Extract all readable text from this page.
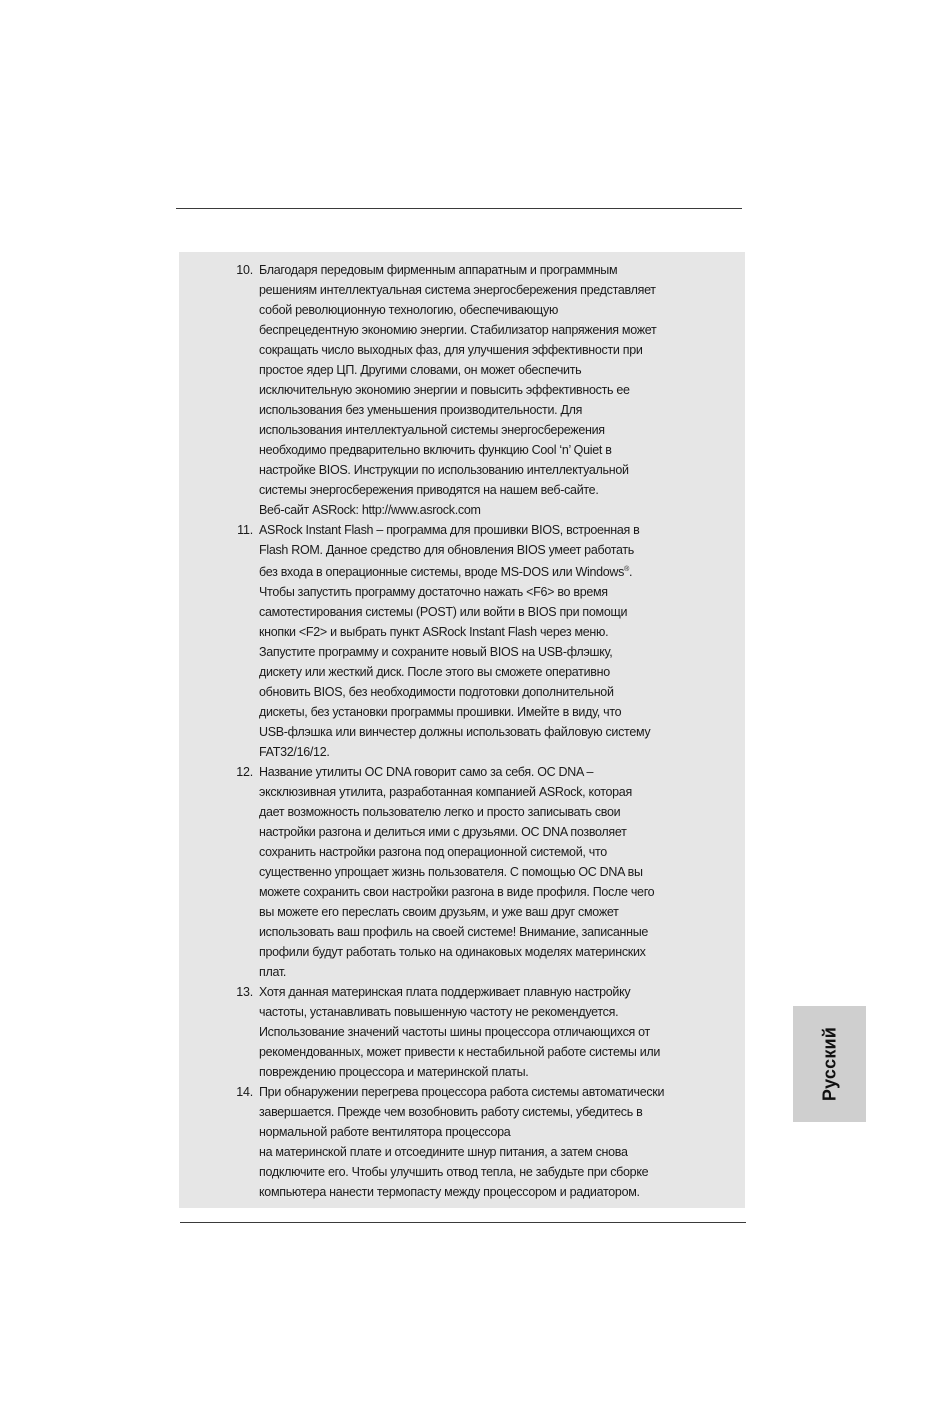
10. Благодаря передовым фирменным аппаратным и программным
решениям интеллектуальная система энергосбережения представляет
собой революционную технологию, обеспечивающую
беспрецедентную экономию энергии. Стабилизатор напряжения может
сокращать число выходных фаз, для улучшения эффективности при
простое ядер ЦП. Другими словами, он может обеспечить
исключительную экономию энергии и повысить эффективность ее
использования без уменьшения производительности. Для
использования интеллектуальной системы энергосбережения
необходимо предварительно включить функцию Cool ‘n’ Quiet в
настройке BIOS. Инструкции по использованию интеллектуальной
системы энергосбережения приводятся на нашем веб-сайте.
Веб-сайт ASRock: http://www.asrock.com
11. ASRock Instant Flash – программа для прошивки BIOS, встроенная в
Flash ROM. Данное средство для обновления BIOS умеет работать
без входа в операционные системы, вроде MS-DOS или Windows®.
Чтобы запустить программу достаточно нажать <F6> во время
самотестирования системы (POST) или войти в BIOS при помощи
кнопки <F2> и выбрать пункт ASRock Instant Flash через меню.
Запустите программу и сохраните новый BIOS на USB-флэшку,
дискету или жесткий диск. После этого вы сможете оперативно
обновить BIOS, без необходимости подготовки дополнительной
дискеты, без установки программы прошивки. Имейте в виду, что
USB-флэшка или винчестер должны использовать файловую систему
FAT32/16/12.
12. Название утилиты OC DNA говорит само за себя. OC DNA –
эксклюзивная утилита, разработанная компанией ASRock, которая
дает возможность пользователю легко и просто записывать свои
настройки разгона и делиться ими с друзьями. OC DNA позволяет
сохранить настройки разгона под операционной системой, что
существенно упрощает жизнь пользователя. С помощью OC DNA вы
можете сохранить свои настройки разгона в виде профиля. После чего
вы можете его переслать своим друзьям, и уже ваш друг сможет
использовать ваш профиль на своей системе! Внимание, записанные
профили будут работать только на одинаковых моделях материнских
плат.
13. Хотя данная материнская плата поддерживает плавную настройку
частоты, устанавливать повышенную частоту не рекомендуется.
Использование значений частоты шины процессора отличающихся от
рекомендованных, может привести к нестабильной работе системы или
повреждению процессора и материнской платы.
14. При обнаружении перегрева процессора работа системы автоматически
завершается. Прежде чем возобновить работу системы, убедитесь в
нормальной работе вентилятора процессора
на материнской плате и отсоедините шнур питания, а затем снова
подключите его. Чтобы улучшить отвод тепла, не забудьте при сборке
компьютера нанести термопасту между процессором и радиатором.
Русский
